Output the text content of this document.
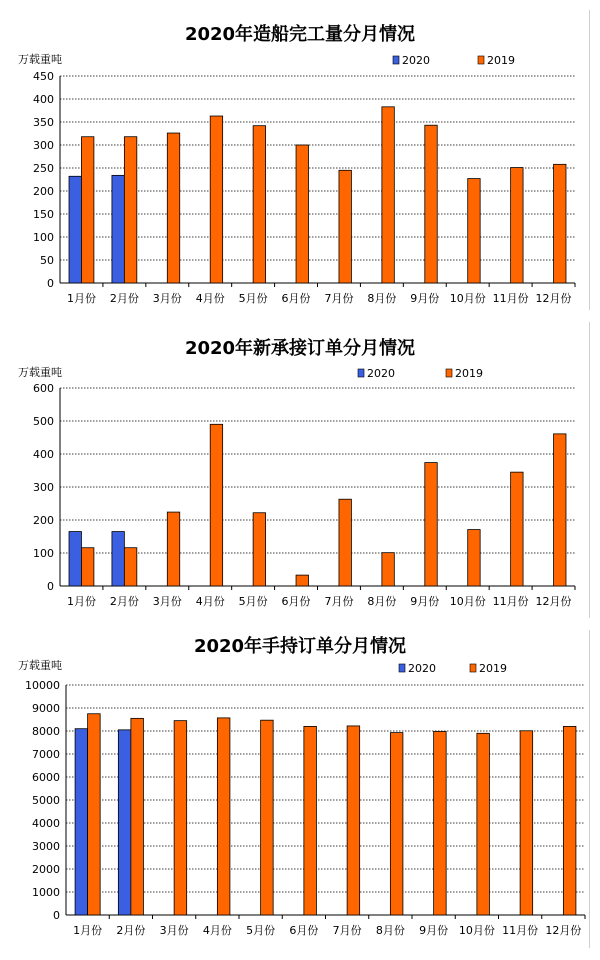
2020年造船完工量分月情况
万载重吨
0
50
100
150
200
250
300
350
400
450
1月份 2月份 3月份 4月份 5月份 6月份 7月份 8月份 9月份 10月份 11月份 12月份
2020	2019
2020年新承接订单分月情况
万载重吨
0
100
200
300
400
500
600
1月份 2月份 3月份 4月份 5月份 6月份 7月份 8月份 9月份 10月份 11月份 12月份
2020	2019
2020年手持订单分月情况
万载重吨
0
1000
2000
3000
4000
5000
6000
7000
8000
9000
10000
1月份 2月份 3月份 4月份 5月份 6月份 7月份 8月份 9月份 10月份 11月份 12月份
2020	2019
